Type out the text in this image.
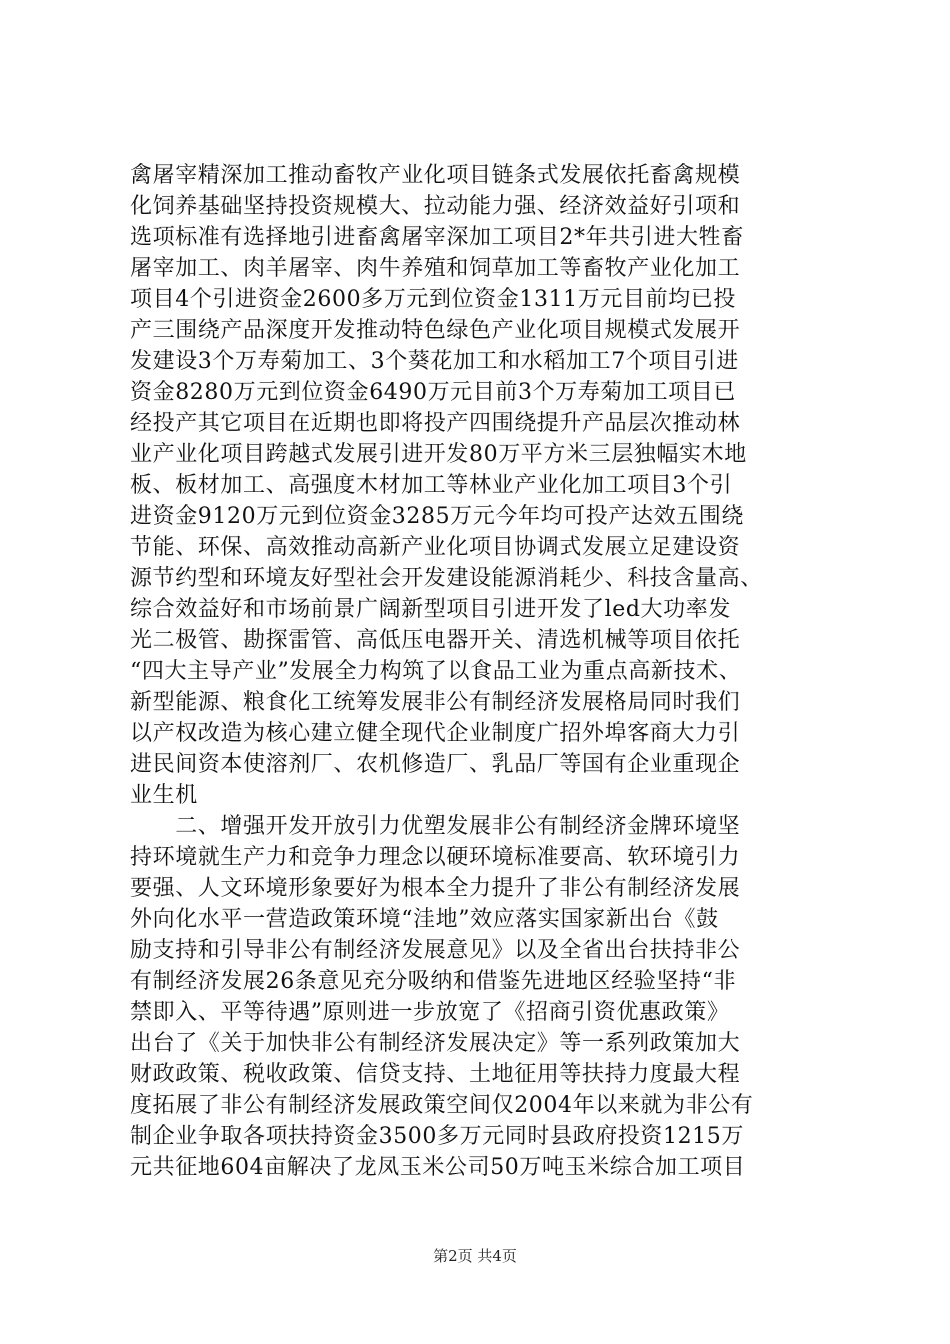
禽屠宰精深加工推动畜牧产业化项目链条式发展依托畜禽规模
化饲养基础坚持投资规模大、拉动能力强、经济效益好引项和
选项标准有选择地引进畜禽屠宰深加工项目2*年共引进大牲畜
屠宰加工、肉羊屠宰、肉牛养殖和饲草加工等畜牧产业化加工
项目4个引进资金2600多万元到位资金1311万元目前均已投
产三围绕产品深度开发推动特色绿色产业化项目规模式发展开
发建设3个万寿菊加工、3个葵花加工和水稻加工7个项目引进
资金8280万元到位资金6490万元目前3个万寿菊加工项目已
经投产其它项目在近期也即将投产四围绕提升产品层次推动林
业产业化项目跨越式发展引进开发80万平方米三层独幅实木地
板、板材加工、高强度木材加工等林业产业化加工项目3个引
进资金9120万元到位资金3285万元今年均可投产达效五围绕
节能、环保、高效推动高新产业化项目协调式发展立足建设资
源节约型和环境友好型社会开发建设能源消耗少、科技含量高、
综合效益好和市场前景广阔新型项目引进开发了led大功率发
光二极管、勘探雷管、高低压电器开关、清选机械等项目依托
“四大主导产业”发展全力构筑了以食品工业为重点高新技术、
新型能源、粮食化工统筹发展非公有制经济发展格局同时我们
以产权改造为核心建立健全现代企业制度广招外埠客商大力引
进民间资本使溶剂厂、农机修造厂、乳品厂等国有企业重现企
业生机
　　二、增强开发开放引力优塑发展非公有制经济金牌环境坚
持环境就生产力和竞争力理念以硬环境标准要高、软环境引力
要强、人文环境形象要好为根本全力提升了非公有制经济发展
外向化水平一营造政策环境“洼地”效应落实国家新出台《鼓
励支持和引导非公有制经济发展意见》以及全省出台扶持非公
有制经济发展26条意见充分吸纳和借鉴先进地区经验坚持“非
禁即入、平等待遇”原则进一步放宽了《招商引资优惠政策》
出台了《关于加快非公有制经济发展决定》等一系列政策加大
财政政策、税收政策、信贷支持、土地征用等扶持力度最大程
度拓展了非公有制经济发展政策空间仅2004年以来就为非公有
制企业争取各项扶持资金3500多万元同时县政府投资1215万
元共征地604亩解决了龙凤玉米公司50万吨玉米综合加工项目
第2页 共4页
